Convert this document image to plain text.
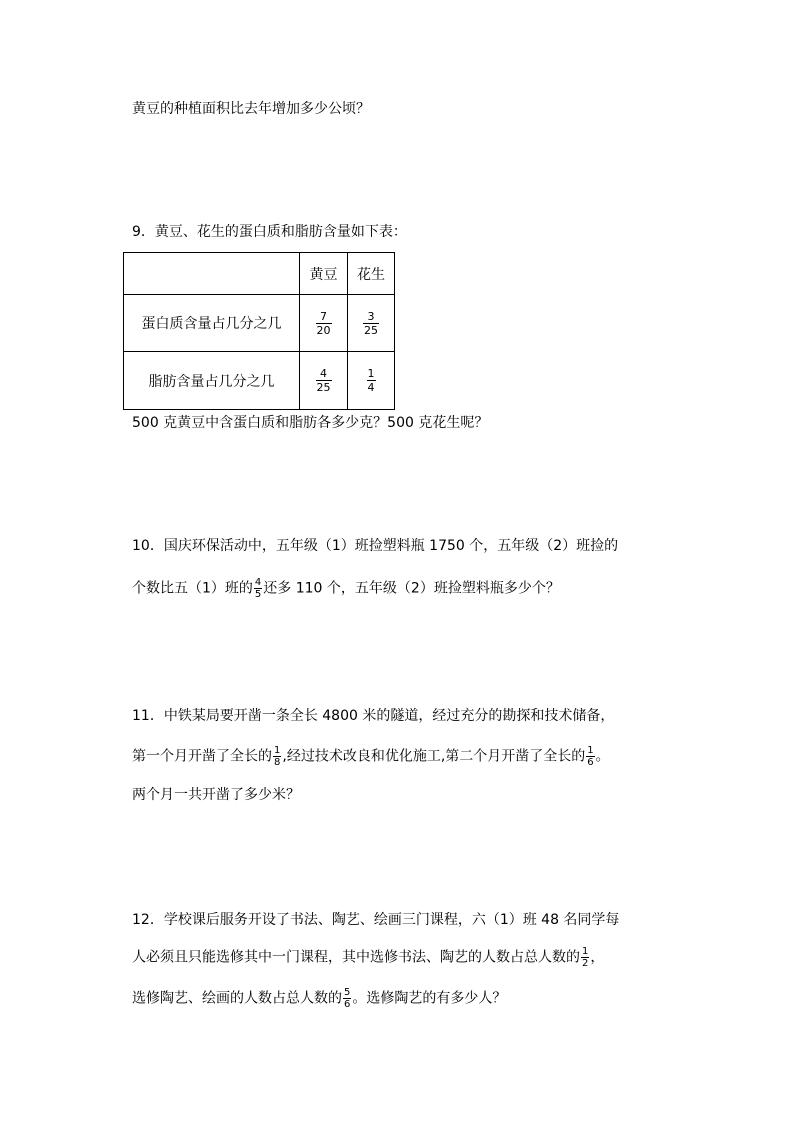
黄豆的种植面积比去年增加多少公顷？
9．黄豆、花生的蛋白质和脂肪含量如下表：
	黄豆	花生
蛋白质含量占几分之几	$\frac{7}{20}$	$\frac{3}{25}$

脂肪含量占几分之几	$\frac{4}{25}$	$\frac{1}{4}$
500 克黄豆中含蛋白质和脂肪各多少克？500 克花生呢？
10．国庆环保活动中，五年级（1）班捡塑料瓶 1750 个，五年级（2）班捡的
个数比五（1）班的 $\frac{4}{5}$ 还多 110 个，五年级（2）班捡塑料瓶多少个？
11．中铁某局要开凿一条全长 4800 米的隧道，经过充分的勘探和技术储备，
第一个月开凿了全长的 $\frac{1}{8}$ ,经过技术改良和优化施工,第二个月开凿了全长的 $\frac{1}{6}$ 。
两个月一共开凿了多少米？
12．学校课后服务开设了书法、陶艺、绘画三门课程，六（1）班 48 名同学每
人必须且只能选修其中一门课程，其中选修书法、陶艺的人数占总人数的 $\frac{1}{2}$ ，
选修陶艺、绘画的人数占总人数的 $\frac{5}{6}$ 。选修陶艺的有多少人？
